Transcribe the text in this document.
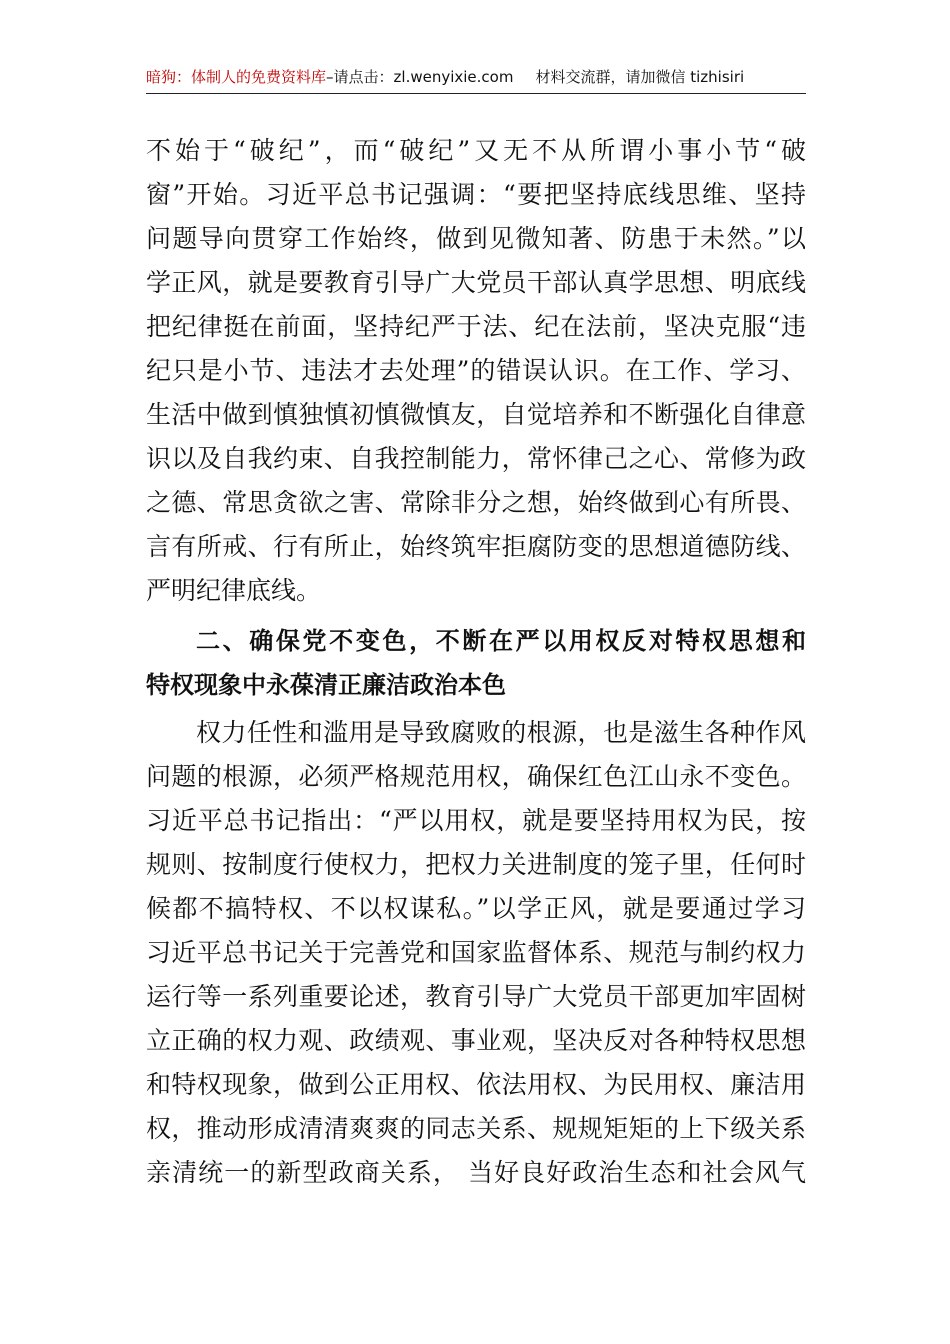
暗狗：体制人的免费资料库–请点击：zl.wenyixie.com 材料交流群，请加微信 tizhisiri
不始于“破纪”，而“破纪”又无不从所谓小事小节“破
窗”开始。习近平总书记强调：“要把坚持底线思维、坚持
问题导向贯穿工作始终，做到见微知著、防患于未然。”以
学正风，就是要教育引导广大党员干部认真学思想、明底线
把纪律挺在前面，坚持纪严于法、纪在法前，坚决克服“违
纪只是小节、违法才去处理”的错误认识。在工作、学习、
生活中做到慎独慎初慎微慎友，自觉培养和不断强化自律意
识以及自我约束、自我控制能力，常怀律己之心、常修为政
之德、常思贪欲之害、常除非分之想，始终做到心有所畏、
言有所戒、行有所止，始终筑牢拒腐防变的思想道德防线、
严明纪律底线。
二、确保党不变色，不断在严以用权反对特权思想和
特权现象中永葆清正廉洁政治本色
权力任性和滥用是导致腐败的根源，也是滋生各种作风
问题的根源，必须严格规范用权，确保红色江山永不变色。
习近平总书记指出：“严以用权，就是要坚持用权为民，按
规则、按制度行使权力，把权力关进制度的笼子里，任何时
候都不搞特权、不以权谋私。”以学正风，就是要通过学习
习近平总书记关于完善党和国家监督体系、规范与制约权力
运行等一系列重要论述，教育引导广大党员干部更加牢固树
立正确的权力观、政绩观、事业观，坚决反对各种特权思想
和特权现象，做到公正用权、依法用权、为民用权、廉洁用
权，推动形成清清爽爽的同志关系、规规矩矩的上下级关系
亲清统一的新型政商关系， 当好良好政治生态和社会风气
